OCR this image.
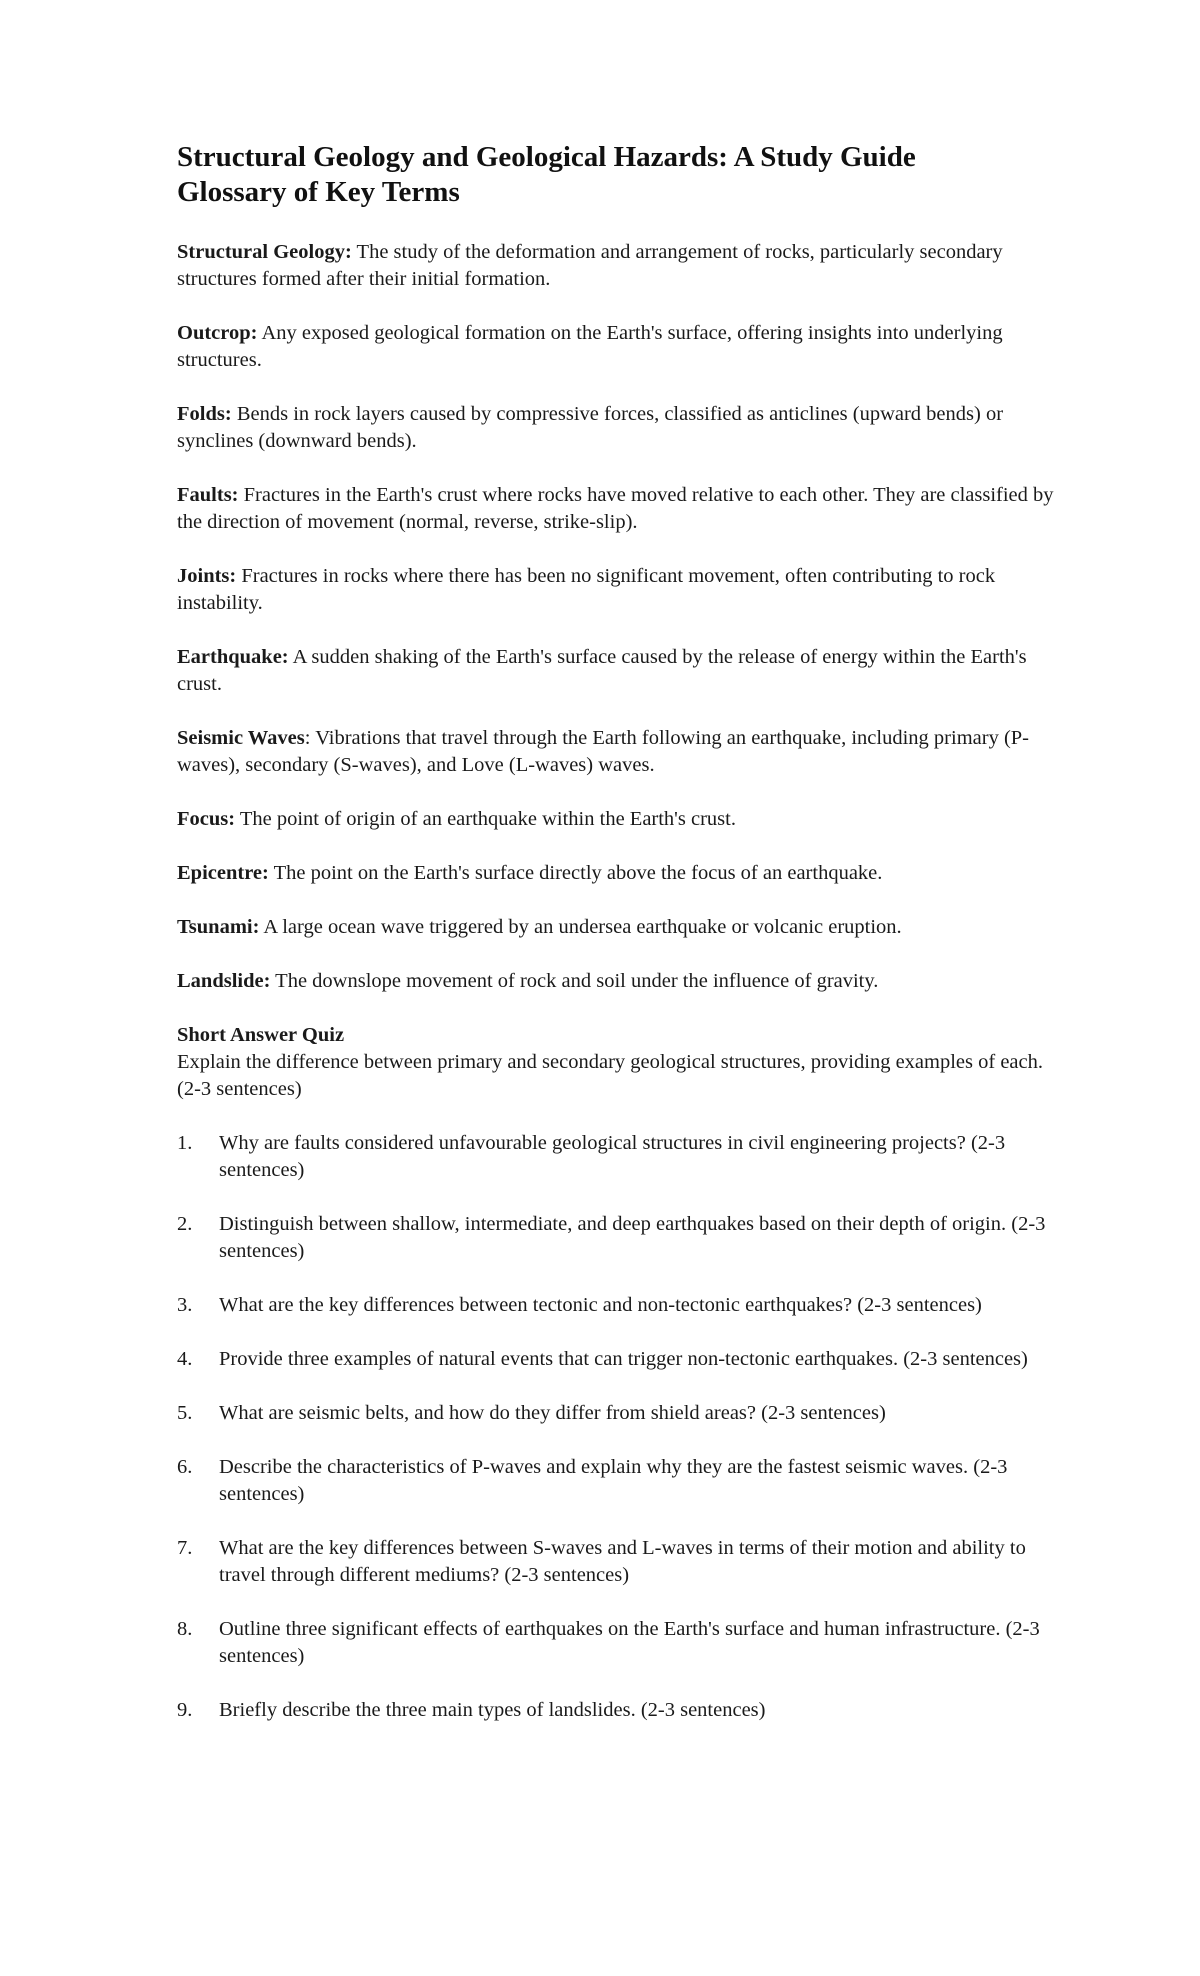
Structural Geology and Geological Hazards: A Study Guide
Glossary of Key Terms

Structural Geology: The study of the deformation and arrangement of rocks, particularly secondary structures formed after their initial formation.

Outcrop: Any exposed geological formation on the Earth's surface, offering insights into underlying structures.

Folds: Bends in rock layers caused by compressive forces, classified as anticlines (upward bends) or synclines (downward bends).

Faults: Fractures in the Earth's crust where rocks have moved relative to each other. They are classified by the direction of movement (normal, reverse, strike-slip).

Joints: Fractures in rocks where there has been no significant movement, often contributing to rock instability.

Earthquake: A sudden shaking of the Earth's surface caused by the release of energy within the Earth's crust.

Seismic Waves: Vibrations that travel through the Earth following an earthquake, including primary (P-waves), secondary (S-waves), and Love (L-waves) waves.

Focus: The point of origin of an earthquake within the Earth's crust.

Epicentre: The point on the Earth's surface directly above the focus of an earthquake.

Tsunami: A large ocean wave triggered by an undersea earthquake or volcanic eruption.

Landslide: The downslope movement of rock and soil under the influence of gravity.

Short Answer Quiz

Explain the difference between primary and secondary geological structures, providing examples of each. (2-3 sentences)

1. Why are faults considered unfavourable geological structures in civil engineering projects? (2-3 sentences)
2. Distinguish between shallow, intermediate, and deep earthquakes based on their depth of origin. (2-3 sentences)
3. What are the key differences between tectonic and non-tectonic earthquakes? (2-3 sentences)
4. Provide three examples of natural events that can trigger non-tectonic earthquakes. (2-3 sentences)
5. What are seismic belts, and how do they differ from shield areas? (2-3 sentences)
6. Describe the characteristics of P-waves and explain why they are the fastest seismic waves. (2-3 sentences)
7. What are the key differences between S-waves and L-waves in terms of their motion and ability to travel through different mediums? (2-3 sentences)
8. Outline three significant effects of earthquakes on the Earth's surface and human infrastructure. (2-3 sentences)
9. Briefly describe the three main types of landslides. (2-3 sentences)
